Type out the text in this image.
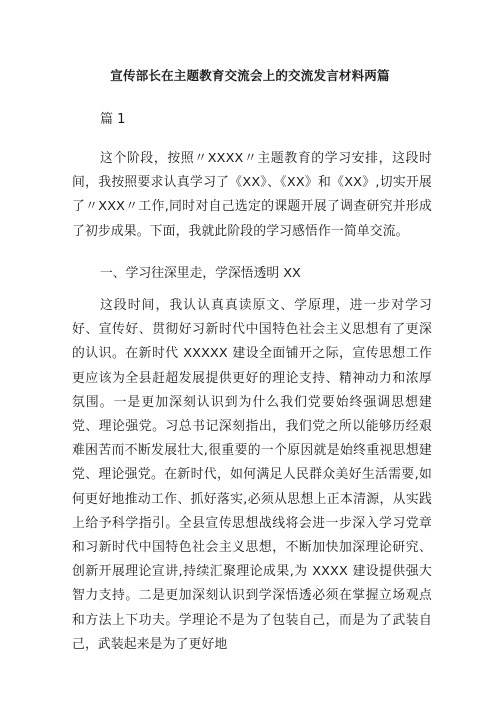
宣传部长在主题教育交流会上的交流发言材料两篇
篇 1
这个阶段，按照〃XXXX〃主题教育的学习安排，这段时间，我按照要求认真学习了《XX》、《XX》和《XX》,切实开展了〃XXX〃工作,同时对自己选定的课题开展了调查研究并形成了初步成果。下面，我就此阶段的学习感悟作一简单交流。
一、学习往深里走，学深悟透明 XX
这段时间，我认认真真读原文、学原理，进一步对学习好、宣传好、贯彻好习新时代中国特色社会主义思想有了更深的认识。在新时代 XXXXX 建设全面铺开之际，宣传思想工作更应该为全县赶超发展提供更好的理论支持、精神动力和浓厚氛围。一是更加深刻认识到为什么我们党要始终强调思想建党、理论强党。习总书记深刻指出，我们党之所以能够历经艰难困苦而不断发展壮大,很重要的一个原因就是始终重视思想建党、理论强党。在新时代，如何满足人民群众美好生活需要,如何更好地推动工作、抓好落实,必须从思想上正本清源，从实践上给予科学指引。全县宣传思想战线将会进一步深入学习党章和习新时代中国特色社会主义思想，不断加快加深理论研究、创新开展理论宣讲,持续汇聚理论成果,为 XXXX 建设提供强大智力支持。二是更加深刻认识到学深悟透必须在掌握立场观点和方法上下功夫。学理论不是为了包装自己，而是为了武装自己，武装起来是为了更好地
